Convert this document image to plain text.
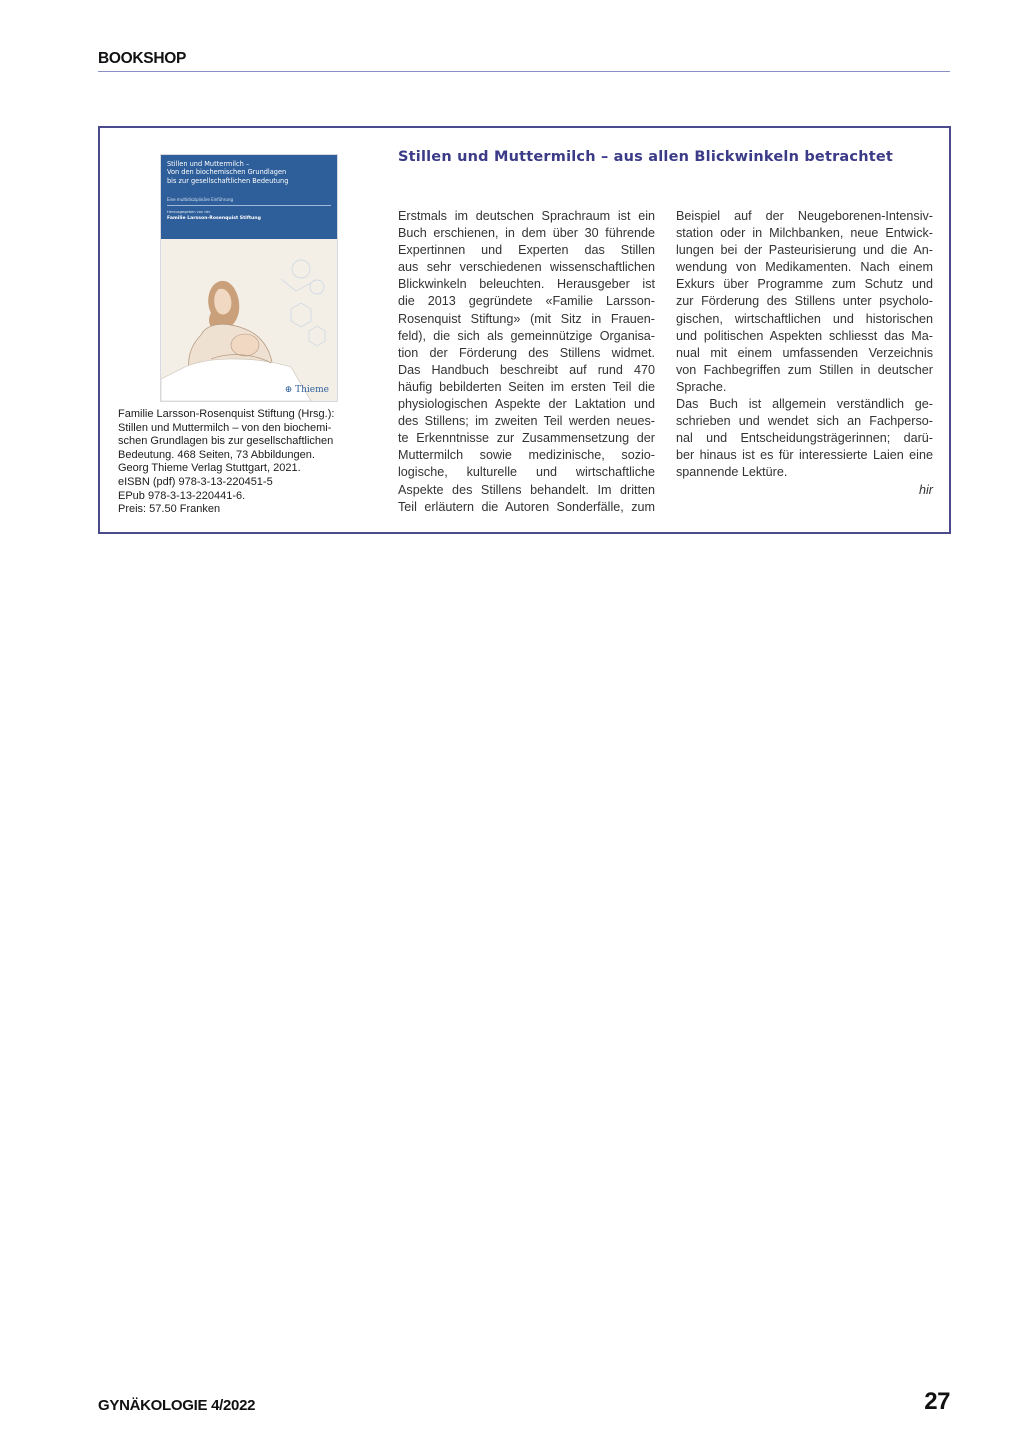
BOOKSHOP
Stillen und Muttermilch –
Von den biochemischen Grundlagen
bis zur gesellschaftlichen Bedeutung
Eine multidisziplinäre Einführung
Herausgegeben von der
Familie Larsson-Rosenquist Stiftung
⊕ Thieme
Familie Larsson-Rosenquist Stiftung (Hrsg.):
Stillen und Muttermilch – von den biochemi-
schen Grundlagen bis zur gesellschaftlichen
Bedeutung. 468 Seiten, 73 Abbildungen.
Georg Thieme Verlag Stuttgart, 2021.
eISBN (pdf) 978-3-13-220451-5
EPub 978-3-13-220441-6.
Preis: 57.50 Franken
Stillen und Muttermilch – aus allen Blickwinkeln betrachtet
Erstmals im deutschen Sprachraum ist ein
Buch erschienen, in dem über 30 führende
Expertinnen und Experten das Stillen
aus sehr verschiedenen wissenschaftlichen
Blickwinkeln beleuchten. Herausgeber ist
die 2013 gegründete «Familie Larsson-
Rosenquist Stiftung» (mit Sitz in Frauen-
feld), die sich als gemeinnützige Organisa-
tion der Förderung des Stillens widmet.
Das Handbuch beschreibt auf rund 470
häufig bebilderten Seiten im ersten Teil die
physiologischen Aspekte der Laktation und
des Stillens; im zweiten Teil werden neues-
te Erkenntnisse zur Zusammensetzung der
Muttermilch sowie medizinische, sozio-
logische, kulturelle und wirtschaftliche
Aspekte des Stillens behandelt. Im dritten
Teil erläutern die Autoren Sonderfälle, zum
Beispiel auf der Neugeborenen-Intensiv-
station oder in Milchbanken, neue Entwick-
lungen bei der Pasteurisierung und die An-
wendung von Medikamenten. Nach einem
Exkurs über Programme zum Schutz und
zur Förderung des Stillens unter psycholo-
gischen, wirtschaftlichen und historischen
und politischen Aspekten schliesst das Ma-
nual mit einem umfassenden Verzeichnis
von Fachbegriffen zum Stillen in deutscher
Sprache.
Das Buch ist allgemein verständlich ge-
schrieben und wendet sich an Fachperso-
nal und Entscheidungsträgerinnen; darü-
ber hinaus ist es für interessierte Laien eine
spannende Lektüre.
hir
GYNÄKOLOGIE 4/2022	27
